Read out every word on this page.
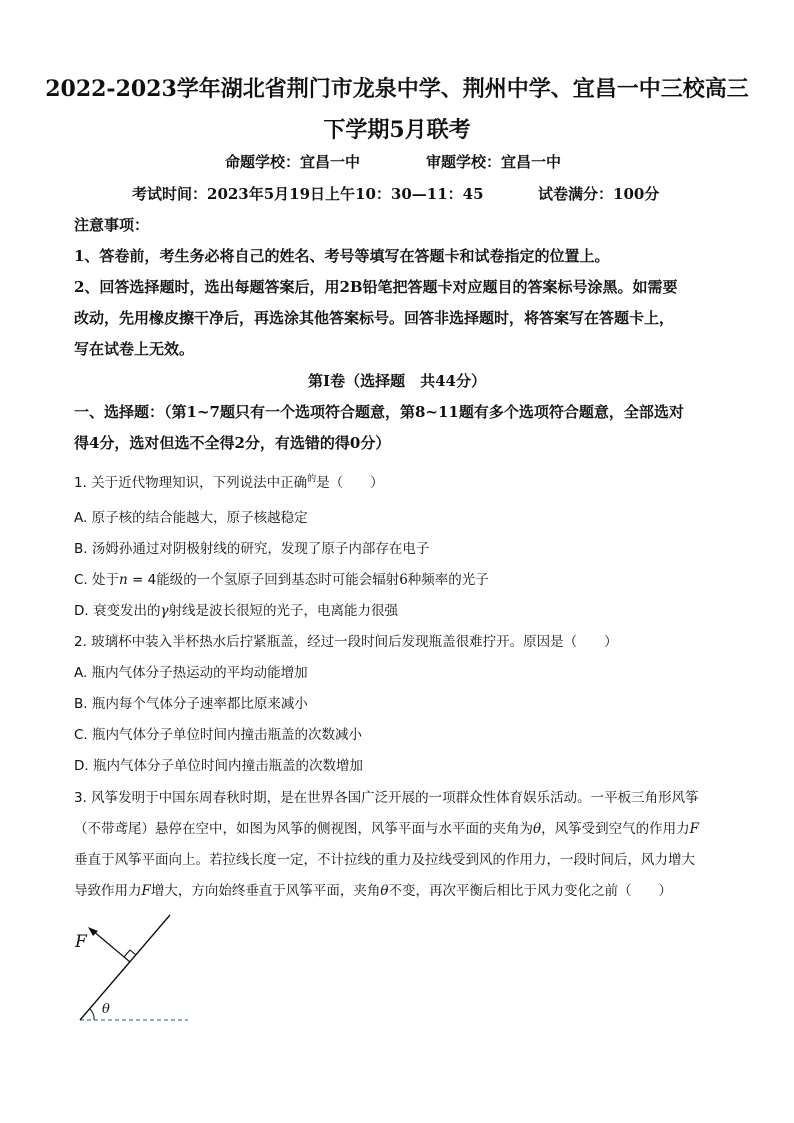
2022-2023学年湖北省荆门市龙泉中学、荆州中学、宜昌一中三校高三
下学期5月联考
命题学校：宜昌一中	审题学校：宜昌一中
考试时间：2023年5月19日上午10：30—11：45	试卷满分：100分
注意事项：
1、答卷前，考生务必将自己的姓名、考号等填写在答题卡和试卷指定的位置上。
2、回答选择题时，选出每题答案后，用2B铅笔把答题卡对应题目的答案标号涂黑。如需要
改动，先用橡皮擦干净后，再选涂其他答案标号。回答非选择题时，将答案写在答题卡上，
写在试卷上无效。
第Ⅰ卷（选择题　共44分）
一、选择题：（第1~7题只有一个选项符合题意，第8~11题有多个选项符合题意，全部选对
得4分，选对但选不全得2分，有选错的得0分）
1. 关于近代物理知识，下列说法中正确$^的$是（　　）
A. 原子核的结合能越大，原子核越稳定
B. 汤姆孙通过对阴极射线的研究，发现了原子内部存在电子
C. 处于n = 4能级的一个氢原子回到基态时可能会辐射6种频率的光子
D. 衰变发出的γ射线是波长很短的光子，电离能力很强
2. 玻璃杯中装入半杯热水后拧紧瓶盖，经过一段时间后发现瓶盖很难拧开。原因是（　　）
A. 瓶内气体分子热运动的平均动能增加
B. 瓶内每个气体分子速率都比原来减小
C. 瓶内气体分子单位时间内撞击瓶盖的次数减小
D. 瓶内气体分子单位时间内撞击瓶盖的次数增加
3. 风筝发明于中国东周春秋时期，是在世界各国广泛开展的一项群众性体育娱乐活动。一平板三角形风筝
（不带鸢尾）悬停在空中，如图为风筝的侧视图，风筝平面与水平面的夹角为θ，风筝受到空气的作用力F
垂直于风筝平面向上。若拉线长度一定，不计拉线的重力及拉线受到风的作用力，一段时间后，风力增大
导致作用力F增大，方向始终垂直于风筝平面，夹角θ不变，再次平衡后相比于风力变化之前（　　）
F
θ
